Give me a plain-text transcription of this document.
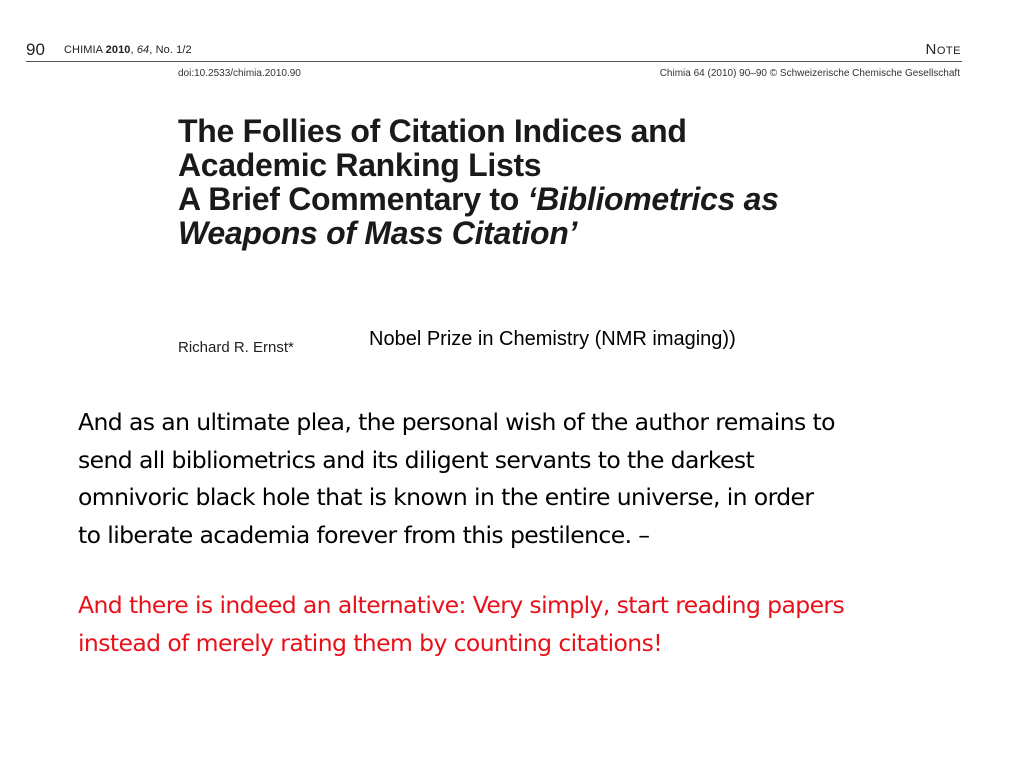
90 CHIMIA 2010, 64, No. 1/2	Note
doi:10.2533/chimia.2010.90	Chimia 64 (2010) 90–90 © Schweizerische Chemische Gesellschaft
The Follies of Citation Indices and
Academic Ranking Lists
A Brief Commentary to ‘Bibliometrics as
Weapons of Mass Citation’
Richard R. Ernst*	Nobel Prize in Chemistry (NMR imaging))

And as an ultimate plea, the personal wish of the author remains to
send all bibliometrics and its diligent servants to the darkest
omnivoric black hole that is known in the entire universe, in order
to liberate academia forever from this pestilence. –

And there is indeed an alternative: Very simply, start reading papers
instead of merely rating them by counting citations!
